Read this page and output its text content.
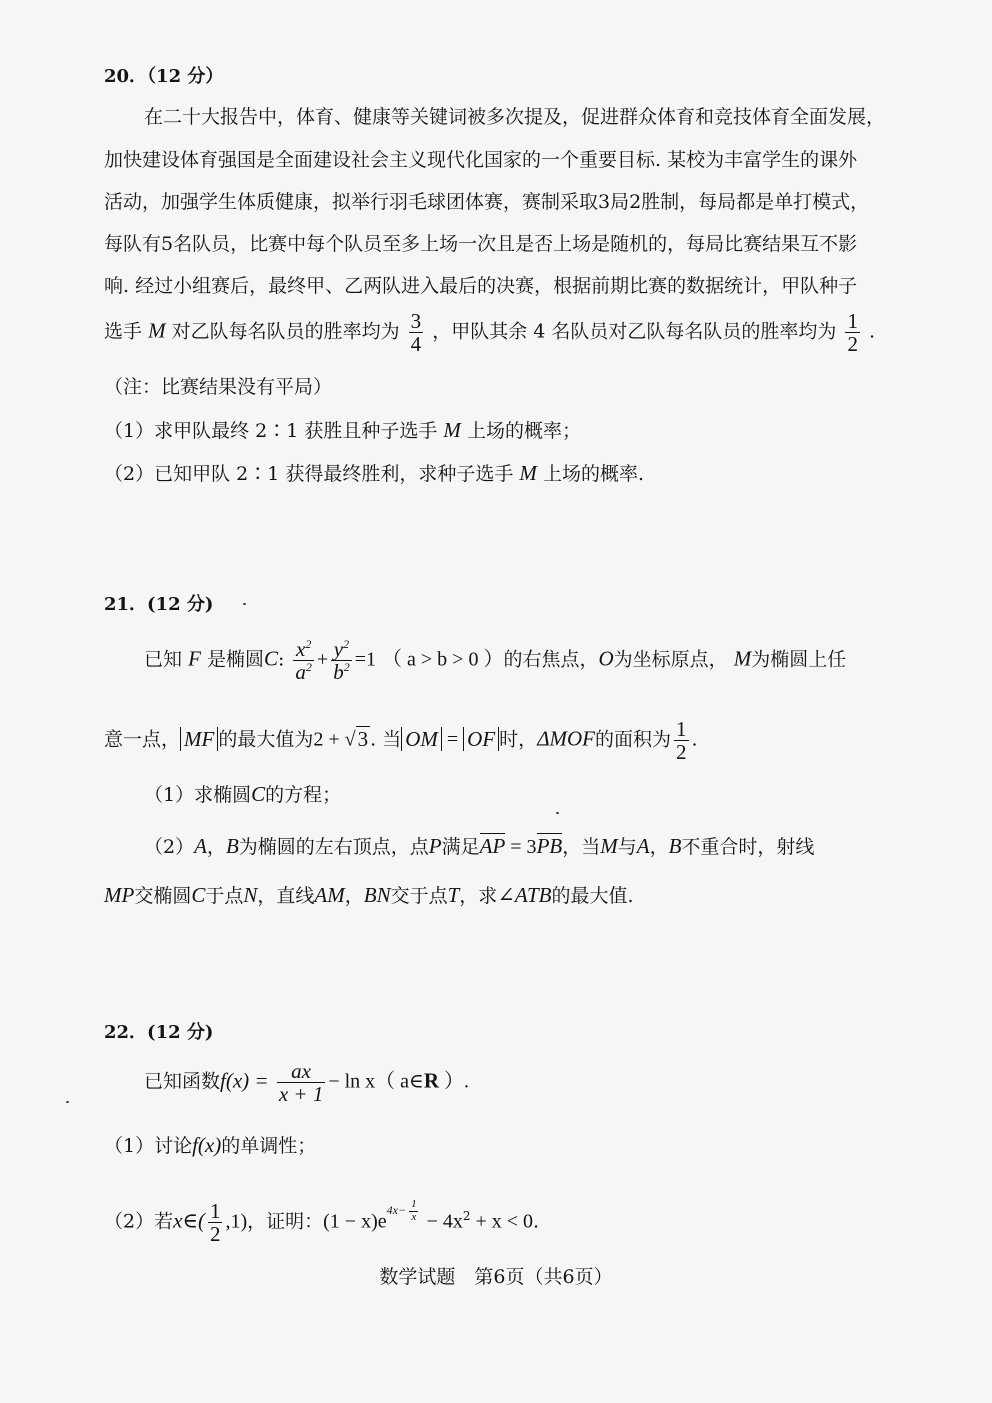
20．（12 分）
在二十大报告中，体育、健康等关键词被多次提及，促进群众体育和竞技体育全面发展，
加快建设体育强国是全面建设社会主义现代化国家的一个重要目标. 某校为丰富学生的课外
活动，加强学生体质健康，拟举行羽毛球团体赛，赛制采取3局2胜制，每局都是单打模式，
每队有5名队员，比赛中每个队员至多上场一次且是否上场是随机的，每局比赛结果互不影
响. 经过小组赛后，最终甲、乙两队进入最后的决赛，根据前期比赛的数据统计，甲队种子
选手 M 对乙队每名队员的胜率均为 $\frac{3}{4}$ ，甲队其余 4 名队员对乙队每名队员的胜率均为 $\frac{1}{2}$ .
（注：比赛结果没有平局）
（1）求甲队最终 2∶1 获胜且种子选手 M 上场的概率；
（2）已知甲队 2∶1 获得最终胜利，求种子选手 M 上场的概率.
21．(12 分)
已知 F 是椭圆C: $\frac{x^2}{a^2} + \frac{y^2}{b^2} =1$ （ a > b > 0 ）的右焦点，O为坐标原点， M为椭圆上任
意一点， MF 的最大值为2 + √3 . 当 OM = OF 时，ΔMOF的面积为 $\frac{1}{2}$ .
（1）求椭圆C的方程；
（2）A，B为椭圆的左右顶点，点P满足AP = 3PB，当M与A，B不重合时，射线
MP交椭圆C于点N，直线AM，BN交于点T，求∠ATB的最大值.
22．(12 分)
已知函数$f(x) = \frac{ax}{x + 1} - \ln x$（ a∈R ）.
（1）讨论f(x)的单调性；
（2）若x∈( $\frac{1}{2} ,1$)，证明：$(1 - x)e^{4x- \frac{1}{x}} - 4x^2 + x < 0$.
数学试题　第6页（共6页）
